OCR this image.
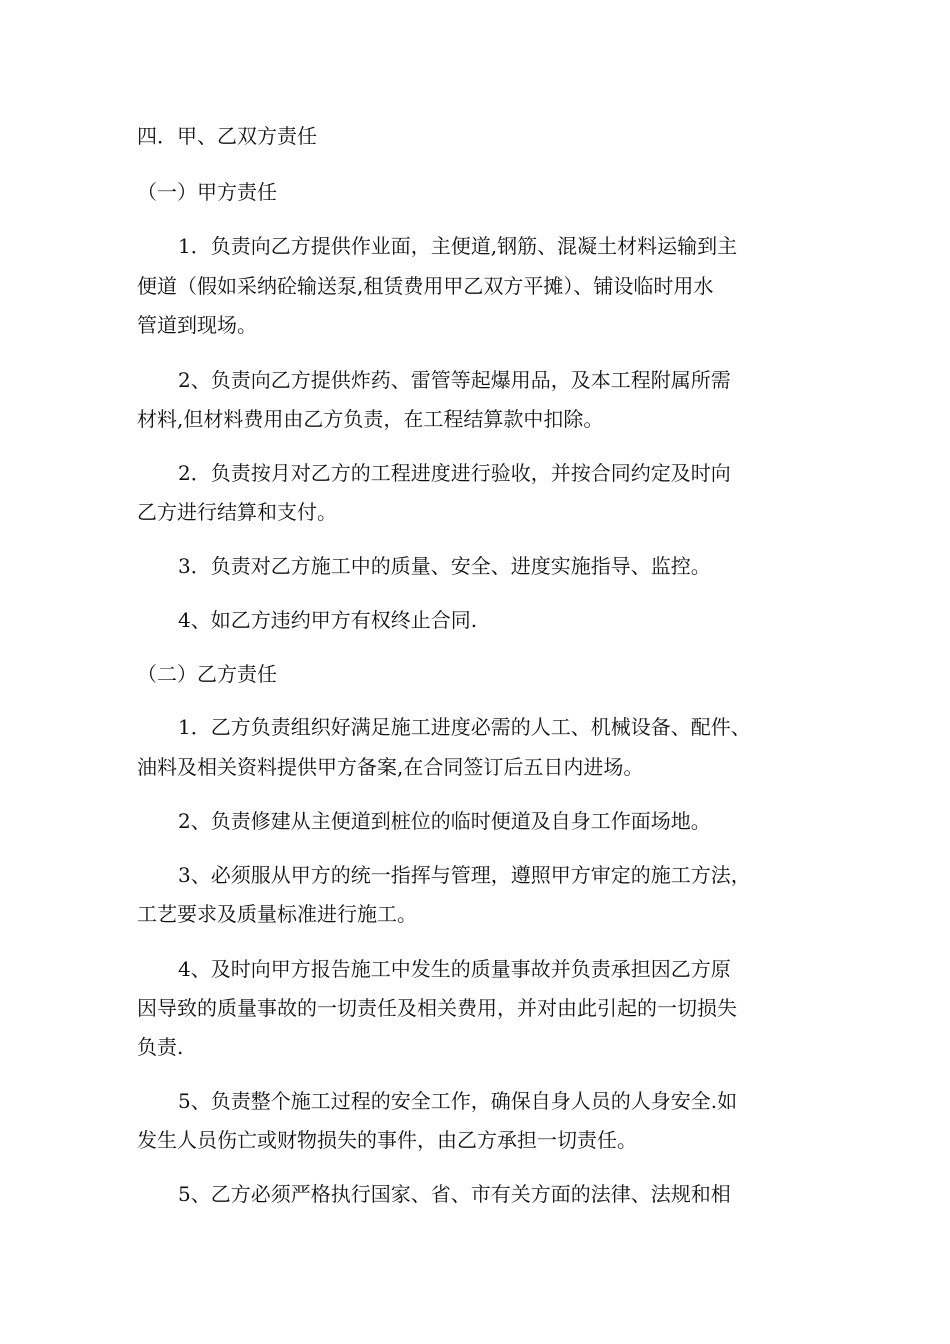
四．甲、乙双方责任
（一）甲方责任
1．负责向乙方提供作业面，主便道,钢筋、混凝土材料运输到主
便道（假如采纳砼输送泵,租赁费用甲乙双方平摊）、铺设临时用水
管道到现场。
2、负责向乙方提供炸药、雷管等起爆用品，及本工程附属所需
材料,但材料费用由乙方负责，在工程结算款中扣除。
2．负责按月对乙方的工程进度进行验收，并按合同约定及时向
乙方进行结算和支付。
3．负责对乙方施工中的质量、安全、进度实施指导、监控。
4、如乙方违约甲方有权终止合同.
（二）乙方责任
1．乙方负责组织好满足施工进度必需的人工、机械设备、配件、
油料及相关资料提供甲方备案,在合同签订后五日内进场。
2、负责修建从主便道到桩位的临时便道及自身工作面场地。
3、必须服从甲方的统一指挥与管理，遵照甲方审定的施工方法，
工艺要求及质量标准进行施工。
4、及时向甲方报告施工中发生的质量事故并负责承担因乙方原
因导致的质量事故的一切责任及相关费用，并对由此引起的一切损失
负责.
5、负责整个施工过程的安全工作，确保自身人员的人身安全.如
发生人员伤亡或财物损失的事件，由乙方承担一切责任。
5、乙方必须严格执行国家、省、市有关方面的法律、法规和相
